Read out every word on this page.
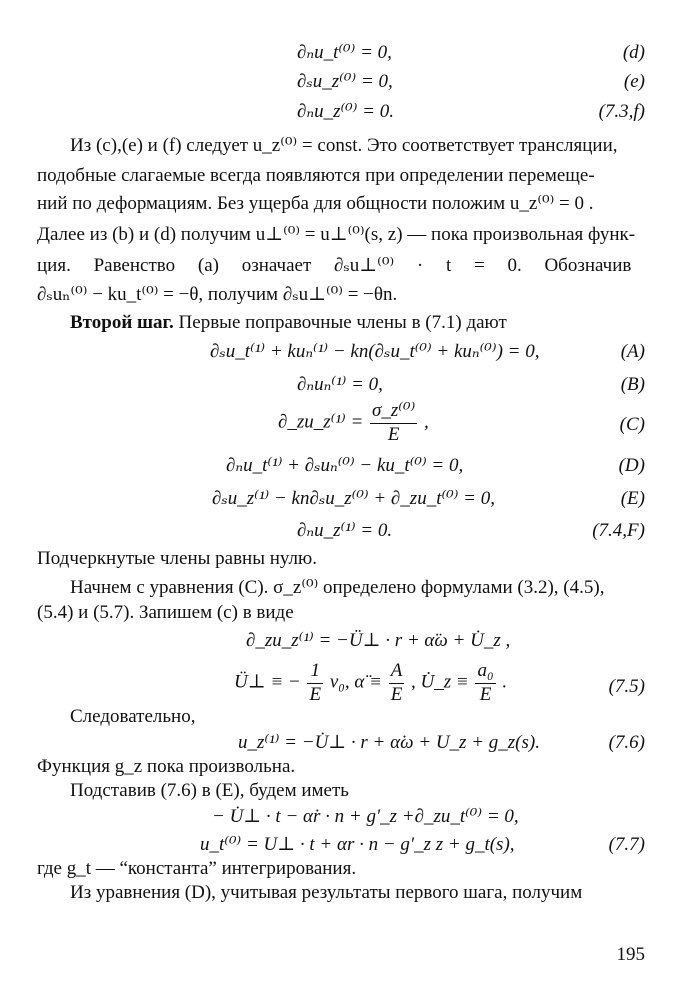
∂ₙu_t⁽⁰⁾ = 0,	(d)
∂ₛu_z⁽⁰⁾ = 0,	(e)
∂ₙu_z⁽⁰⁾ = 0.	(7.3,f)
Из (c),(e) и (f) следует u_z⁽⁰⁾ = const. Это соответствует трансляции,
подобные слагаемые всегда появляются при определении перемеще-
ний по деформациям. Без ущерба для общности положим u_z⁽⁰⁾ = 0 .
Далее из (b) и (d) получим u⊥⁽⁰⁾ = u⊥⁽⁰⁾(s, z) — пока произвольная функ-
ция. Равенство (a) означает ∂ₛu⊥⁽⁰⁾ · t = 0. Обозначив
∂ₛuₙ⁽⁰⁾ − ku_t⁽⁰⁾ = −θ, получим ∂ₛu⊥⁽⁰⁾ = −θn.
Второй шаг. Первые поправочные члены в (7.1) дают
∂ₛu_t⁽¹⁾ + kuₙ⁽¹⁾ − kn(∂ₛu_t⁽⁰⁾ + kuₙ⁽⁰⁾) = 0,	(A)
∂ₙuₙ⁽¹⁾ = 0,	(B)
∂_zu_z⁽¹⁾ = $\frac{\text{σ\_z⁽⁰⁾}}{E}$ ,	(C)
∂ₙu_t⁽¹⁾ + ∂ₛuₙ⁽⁰⁾ − ku_t⁽⁰⁾ = 0,	(D)
∂ₛu_z⁽¹⁾ − kn∂ₛu_z⁽⁰⁾ + ∂_zu_t⁽⁰⁾ = 0,	(E)
∂ₙu_z⁽¹⁾ = 0.	(7.4,F)
Подчеркнутые члены равны нулю.
Начнем с уравнения (C). σ_z⁽⁰⁾ определено формулами (3.2), (4.5),
(5.4) и (5.7). Запишем (c) в виде
∂_zu_z⁽¹⁾ = −Ü⊥ · r + α̈ω + U̇_z ,
Ü⊥ ≡ − $\frac{1}{E} \nu_0$, α̈ ≡ $\frac{A}{E}$ , U̇_z ≡ $\frac{\text{a₀}}{E}$ .	(7.5)
Следовательно,
u_z⁽¹⁾ = −U̇⊥ · r + α̇ω + U_z + g_z(s).	(7.6)
Функция g_z пока произвольна.
Подставив (7.6) в (E), будем иметь
− U̇⊥ · t − α̇r · n + g′_z +∂_zu_t⁽⁰⁾ = 0,
u_t⁽⁰⁾ = U⊥ · t + αr · n − g′_z z + g_t(s),	(7.7)
где g_t — “константа” интегрирования.
Из уравнения (D), учитывая результаты первого шага, получим
195
